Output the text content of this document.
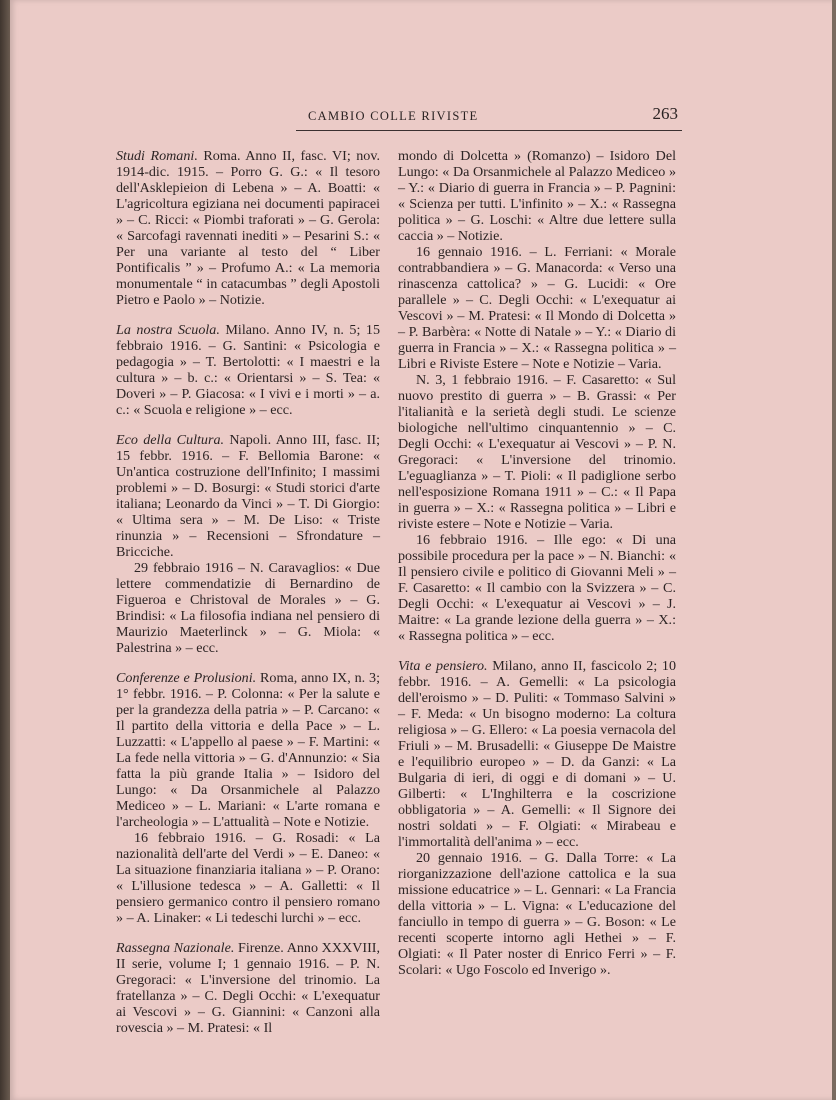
CAMBIO COLLE RIVISTE	263

Studi Romani. Roma. Anno II, fasc. VI; nov. 1914-dic. 1915. – Porro G. G.: « Il tesoro dell'Asklepieion di Lebena » – A. Boatti: « L'agricoltura egiziana nei documenti papiracei » – C. Ricci: « Piombi traforati » – G. Gerola: « Sarcofagi ravennati inediti » – Pesarini S.: « Per una variante al testo del “ Liber Pontificalis ” » – Profumo A.: « La memoria monumentale “ in catacumbas ” degli Apostoli Pietro e Paolo » – Notizie.

La nostra Scuola. Milano. Anno IV, n. 5; 15 febbraio 1916. – G. Santini: « Psicologia e pedagogia » – T. Bertolotti: « I maestri e la cultura » – b. c.: « Orientarsi » – S. Tea: « Doveri » – P. Giacosa: « I vivi e i morti » – a. c.: « Scuola e religione » – ecc.

Eco della Cultura. Napoli. Anno III, fasc. II; 15 febbr. 1916. – F. Bellomia Barone: « Un'antica costruzione dell'Infinito; I massimi problemi » – D. Bosurgi: « Studi storici d'arte italiana; Leonardo da Vinci » – T. Di Giorgio: « Ultima sera » – M. De Liso: « Triste rinunzia » – Recensioni – Sfrondature – Bricciche.

29 febbraio 1916 – N. Caravaglios: « Due lettere commendatizie di Bernardino de Figueroa e Christoval de Morales » – G. Brindisi: « La filosofia indiana nel pensiero di Maurizio Maeterlinck » – G. Miola: « Palestrina » – ecc.

Conferenze e Prolusioni. Roma, anno IX, n. 3; 1° febbr. 1916. – P. Colonna: « Per la salute e per la grandezza della patria » – P. Carcano: « Il partito della vittoria e della Pace » – L. Luzzatti: « L'appello al paese » – F. Martini: « La fede nella vittoria » – G. d'Annunzio: « Sia fatta la più grande Italia » – Isidoro del Lungo: « Da Orsanmichele al Palazzo Mediceo » – L. Mariani: « L'arte romana e l'archeologia » – L'attualità – Note e Notizie.

16 febbraio 1916. – G. Rosadi: « La nazionalità dell'arte del Verdi » – E. Daneo: « La situazione finanziaria italiana » – P. Orano: « L'illusione tedesca » – A. Galletti: « Il pensiero germanico contro il pensiero romano » – A. Linaker: « Li tedeschi lurchi » – ecc.

Rassegna Nazionale. Firenze. Anno XXXVIII, II serie, volume I; 1 gennaio 1916. – P. N. Gregoraci: « L'inversione del trinomio. La fratellanza » – C. Degli Occhi: « L'exequatur ai Vescovi » – G. Giannini: « Canzoni alla rovescia » – M. Pratesi: « Il

mondo di Dolcetta » (Romanzo) – Isidoro Del Lungo: « Da Orsanmichele al Palazzo Mediceo » – Y.: « Diario di guerra in Francia » – P. Pagnini: « Scienza per tutti. L'infinito » – X.: « Rassegna politica » – G. Loschi: « Altre due lettere sulla caccia » – Notizie.

16 gennaio 1916. – L. Ferriani: « Morale contrabbandiera » – G. Manacorda: « Verso una rinascenza cattolica? » – G. Lucidi: « Ore parallele » – C. Degli Occhi: « L'exequatur ai Vescovi » – M. Pratesi: « Il Mondo di Dolcetta » – P. Barbèra: « Notte di Natale » – Y.: « Diario di guerra in Francia » – X.: « Rassegna politica » – Libri e Riviste Estere – Note e Notizie – Varia.

N. 3, 1 febbraio 1916. – F. Casaretto: « Sul nuovo prestito di guerra » – B. Grassi: « Per l'italianità e la serietà degli studi. Le scienze biologiche nell'ultimo cinquantennio » – C. Degli Occhi: « L'exequatur ai Vescovi » – P. N. Gregoraci: « L'inversione del trinomio. L'eguaglianza » – T. Pioli: « Il padiglione serbo nell'esposizione Romana 1911 » – C.: « Il Papa in guerra » – X.: « Rassegna politica » – Libri e riviste estere – Note e Notizie – Varia.

16 febbraio 1916. – Ille ego: « Di una possibile procedura per la pace » – N. Bianchi: « Il pensiero civile e politico di Giovanni Meli » – F. Casaretto: « Il cambio con la Svizzera » – C. Degli Occhi: « L'exequatur ai Vescovi » – J. Maitre: « La grande lezione della guerra » – X.: « Rassegna politica » – ecc.

Vita e pensiero. Milano, anno II, fascicolo 2; 10 febbr. 1916. – A. Gemelli: « La psicologia dell'eroismo » – D. Puliti: « Tommaso Salvini » – F. Meda: « Un bisogno moderno: La coltura religiosa » – G. Ellero: « La poesia vernacola del Friuli » – M. Brusadelli: « Giuseppe De Maistre e l'equilibrio europeo » – D. da Ganzi: « La Bulgaria di ieri, di oggi e di domani » – U. Gilberti: « L'Inghilterra e la coscrizione obbligatoria » – A. Gemelli: « Il Signore dei nostri soldati » – F. Olgiati: « Mirabeau e l'immortalità dell'anima » – ecc.

20 gennaio 1916. – G. Dalla Torre: « La riorganizzazione dell'azione cattolica e la sua missione educatrice » – L. Gennari: « La Francia della vittoria » – L. Vigna: « L'educazione del fanciullo in tempo di guerra » – G. Boson: « Le recenti scoperte intorno agli Hethei » – F. Olgiati: « Il Pater noster di Enrico Ferri » – F. Scolari: « Ugo Foscolo ed Inverigo ».
